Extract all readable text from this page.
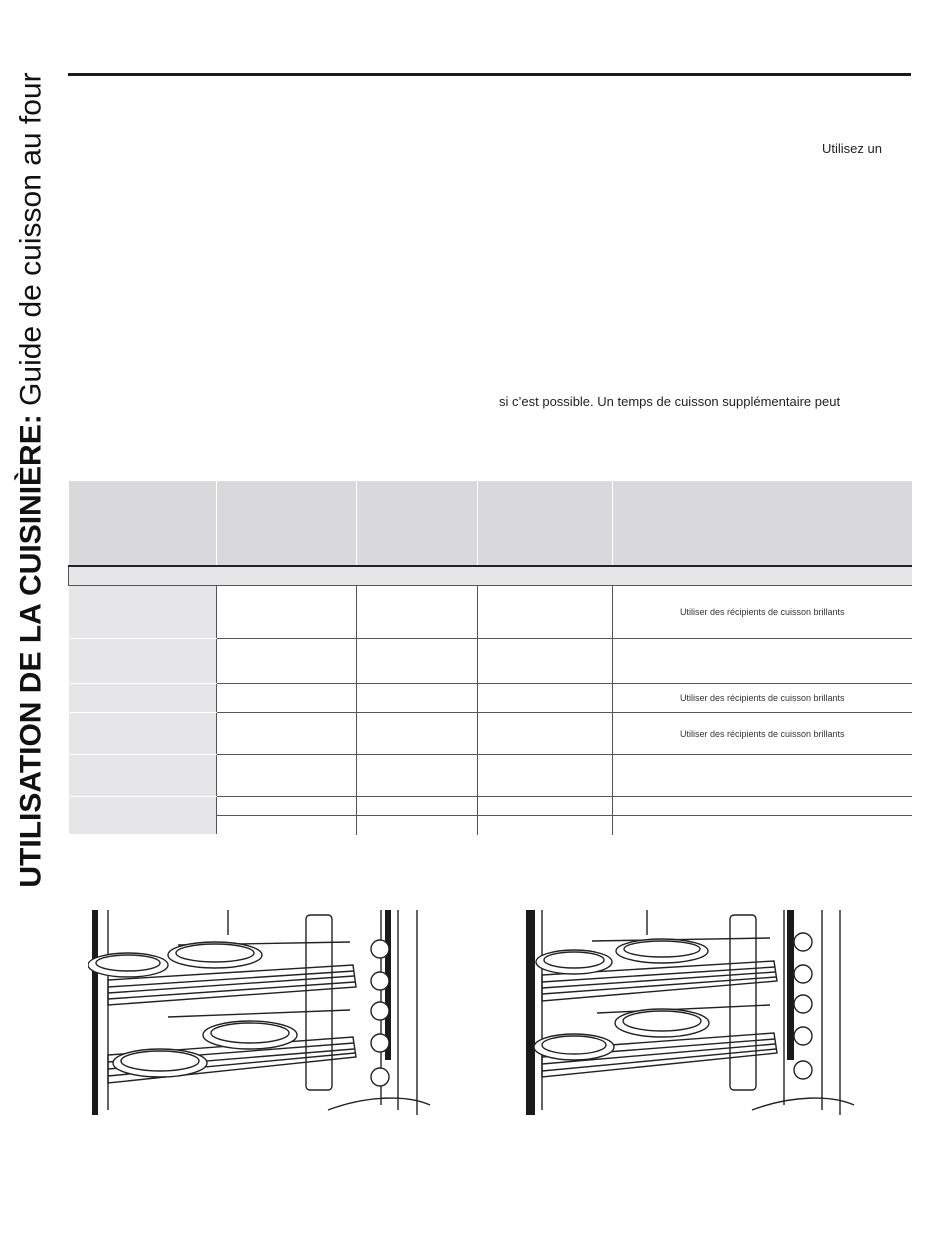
UTILISATION DE LA CUISINIÈRE: Guide de cuisson au four	Utilisez un
si c’est possible. Un temps de cuisson supplémentaire peut

				Utiliser des récipients de cuisson brillants

				Utiliser des récipients de cuisson brillants
				Utiliser des récipients de cuisson brillants
